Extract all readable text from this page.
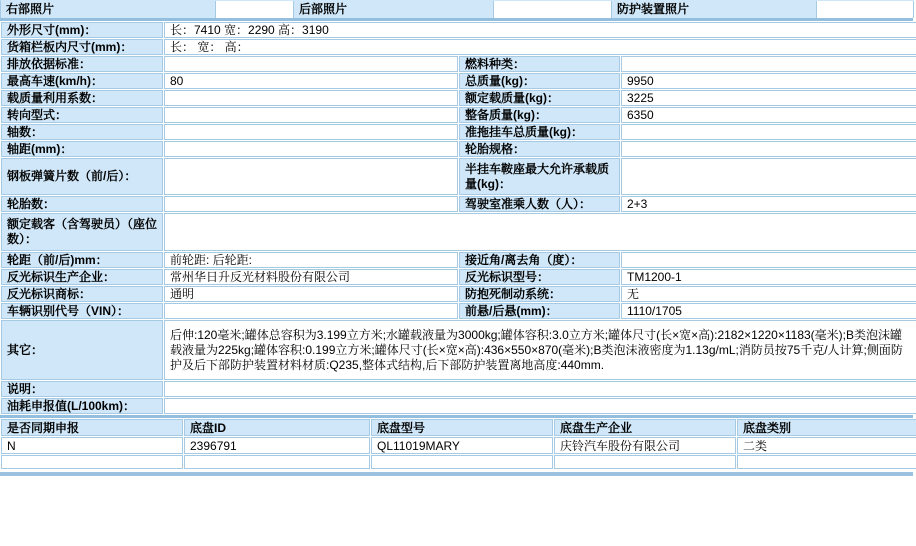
右部照片	后部照片	防护装置照片
外形尺寸(mm)：	长：7410 宽：2290 高：3190		
货箱栏板内尺寸(mm)：	长： 宽： 高：		
排放依据标准：		燃料种类：	
最高车速(km/h)：	80	总质量(kg)：	9950
载质量利用系数：		额定载质量(kg)：	3225
转向型式：		整备质量(kg)：	6350
轴数：		准拖挂车总质量(kg)：	
轴距(mm)：		轮胎规格：	
钢板弹簧片数（前/后）：		半挂车鞍座最大允许承载质量(kg)：	
轮胎数：		驾驶室准乘人数（人）：	2+3
额定载客（含驾驶员）（座位数）：			
轮距（前/后)mm：	前轮距: 后轮距:	接近角/离去角（度）：	
反光标识生产企业：	常州华日升反光材料股份有限公司	反光标识型号：	TM1200-1
反光标识商标：	通明	防抱死制动系统：	无
车辆识别代号（VIN）：		前悬/后悬(mm)：	1110/1705
其它：	后伸:120毫米;罐体总容积为3.199立方米;水罐载液量为3000kg;罐体容积:3.0立方米;罐体尺寸(长×宽×高):2182×1220×1183(毫米);B类泡沫罐载液量为225kg;罐体容积:0.199立方米;罐体尺寸(长×宽×高):436×550×870(毫米);B类泡沫液密度为1.13g/mL;消防员按75千克/人计算;侧面防护及后下部防护装置材料材质:Q235,整体式结构,后下部防护装置离地高度:440mm.		
说明：			
油耗申报值(L/100km)：			
是否同期申报	底盘ID	底盘型号	底盘生产企业	底盘类别
N	2396791	QL11019MARY	庆铃汽车股份有限公司	二类
